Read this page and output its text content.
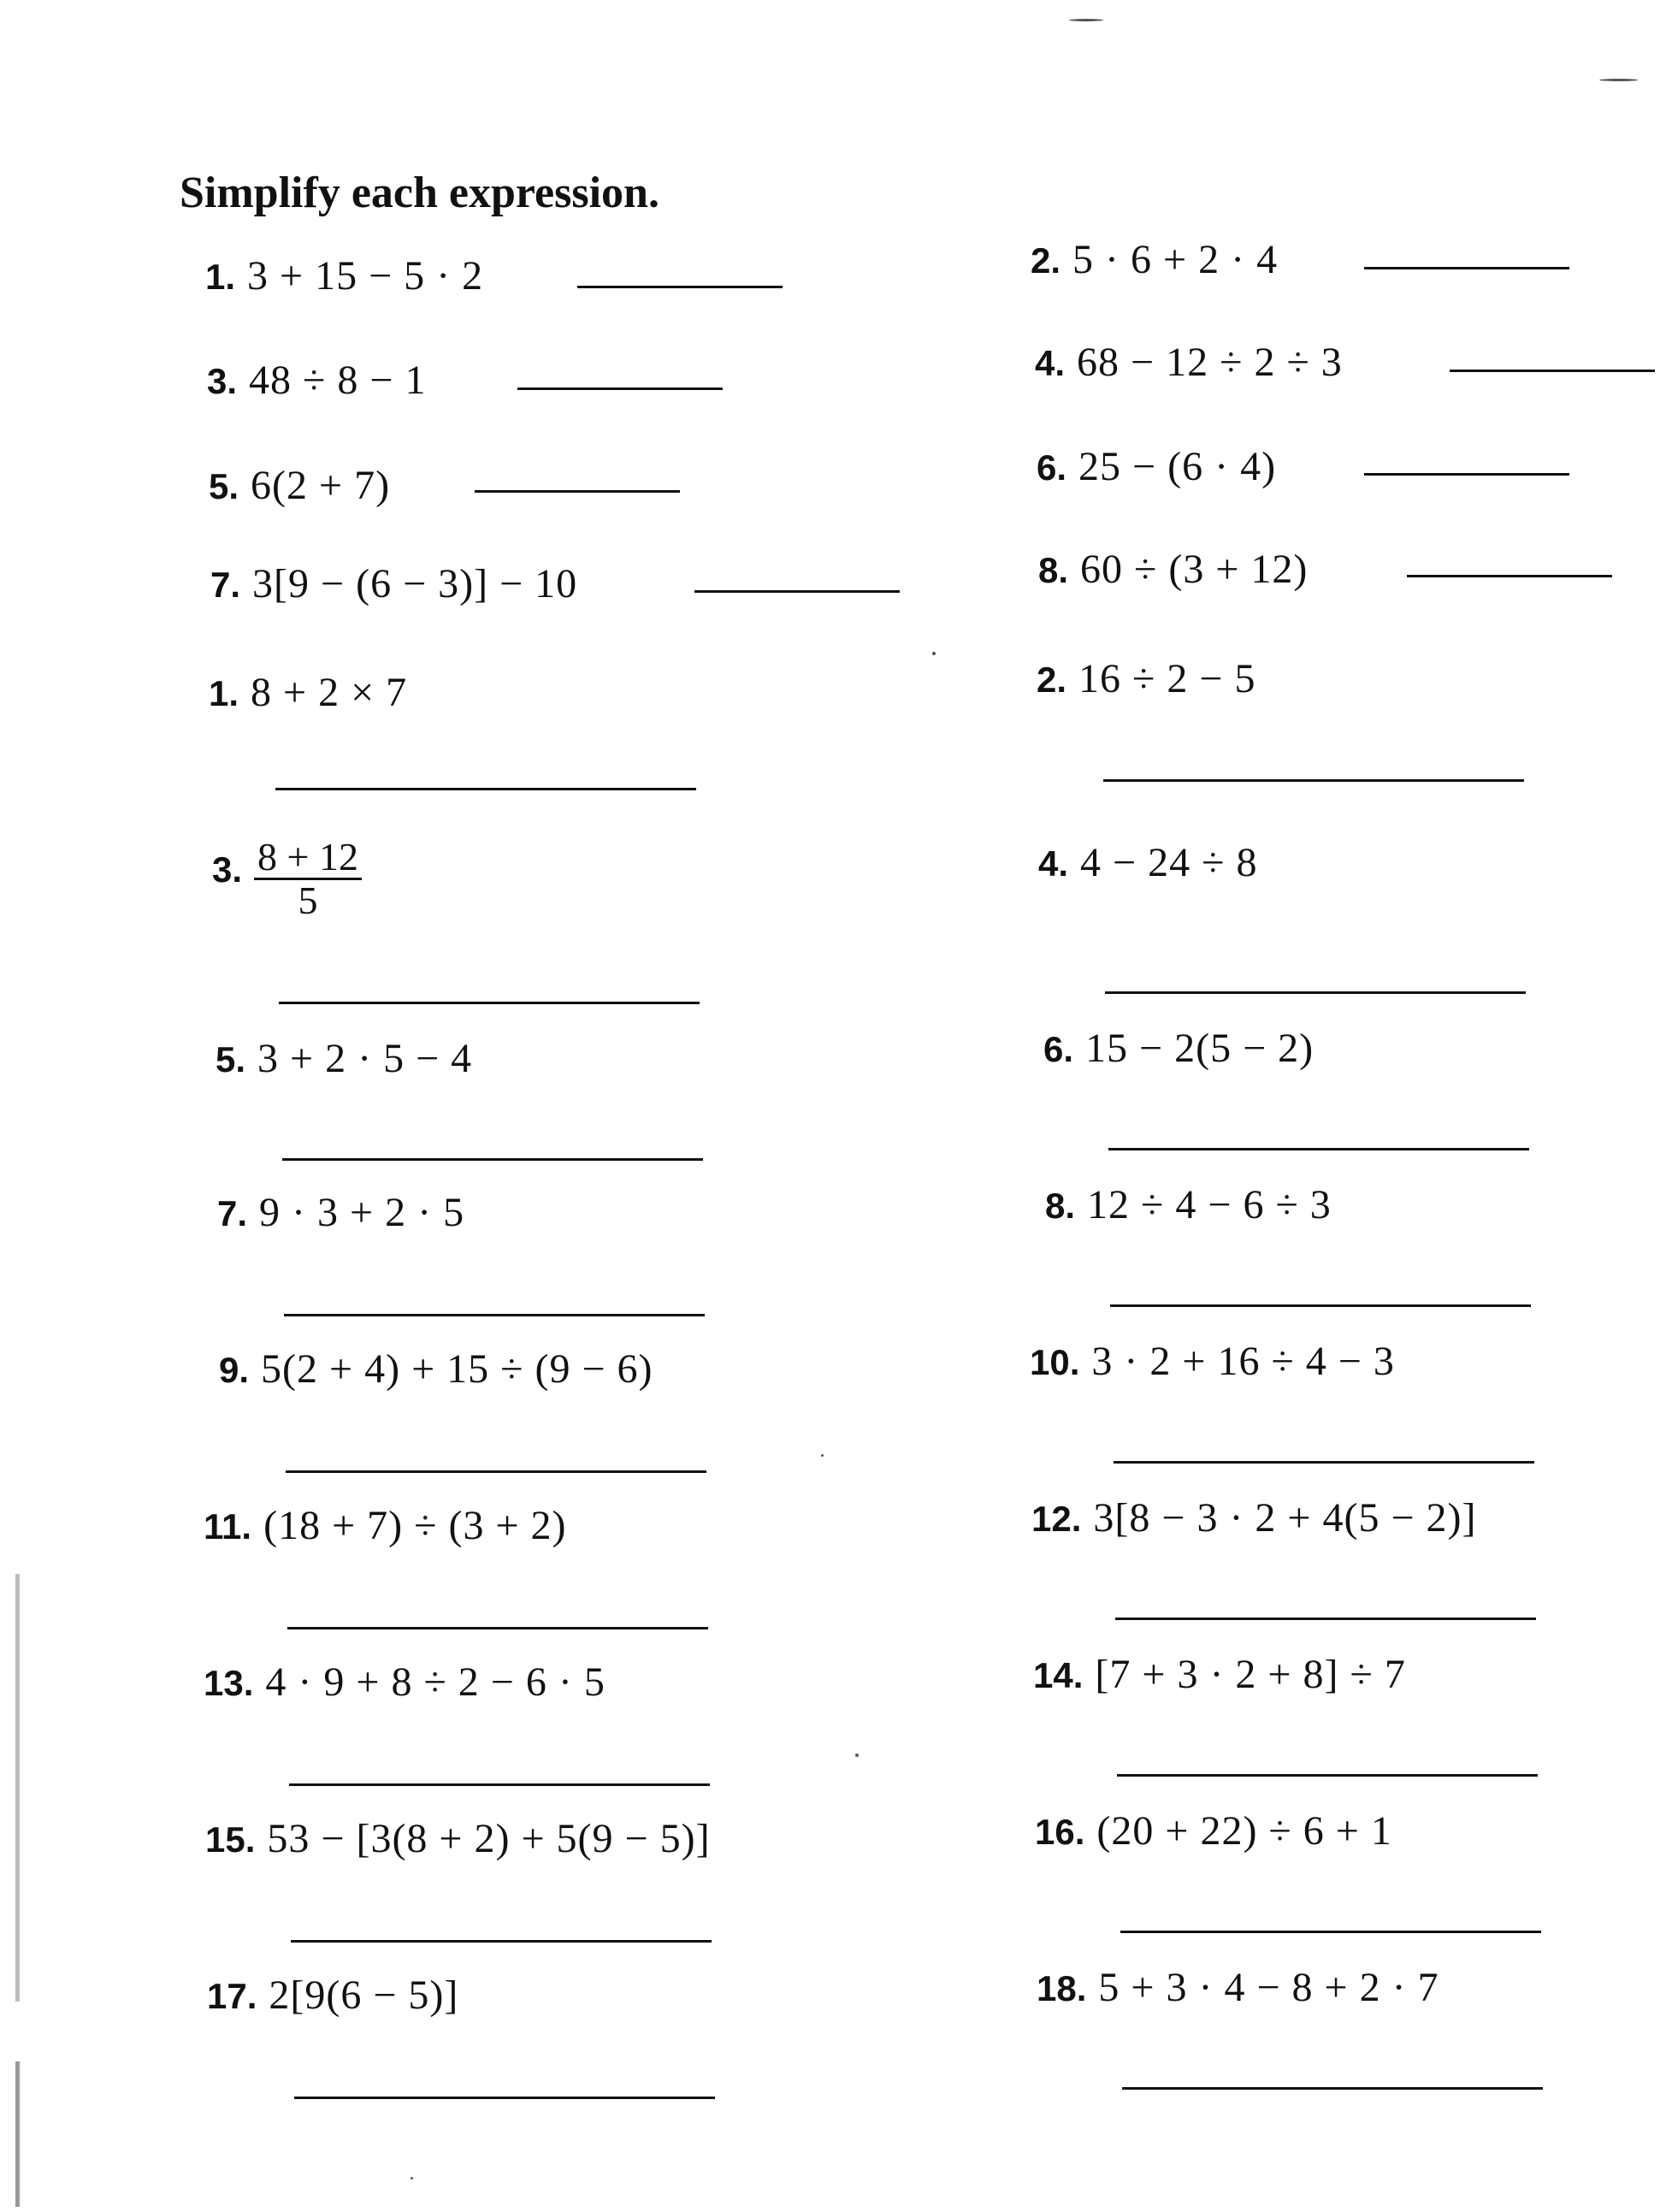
Simplify each expression.
1. 3 + 15 − 5 · 2	2. 5 · 6 + 2 · 4
3. 48 ÷ 8 − 1	4. 68 − 12 ÷ 2 ÷ 3
5. 6(2 + 7)	6. 25 − (6 · 4)
7. 3[9 − (6 − 3)] − 10	8. 60 ÷ (3 + 12)
1. 8 + 2 × 7
3. $\frac{8 + 12}{5}$
5. 3 + 2 · 5 − 4
7. 9 · 3 + 2 · 5
9. 5(2 + 4) + 15 ÷ (9 − 6)
11. (18 + 7) ÷ (3 + 2)
13. 4 · 9 + 8 ÷ 2 − 6 · 5
15. 53 − [3(8 + 2) + 5(9 − 5)]
17. 2[9(6 − 5)]
2. 16 ÷ 2 − 5
4. 4 − 24 ÷ 8
6. 15 − 2(5 − 2)
8. 12 ÷ 4 − 6 ÷ 3
10. 3 · 2 + 16 ÷ 4 − 3
12. 3[8 − 3 · 2 + 4(5 − 2)]
14. [7 + 3 · 2 + 8] ÷ 7
16. (20 + 22) ÷ 6 + 1
18. 5 + 3 · 4 − 8 + 2 · 7
